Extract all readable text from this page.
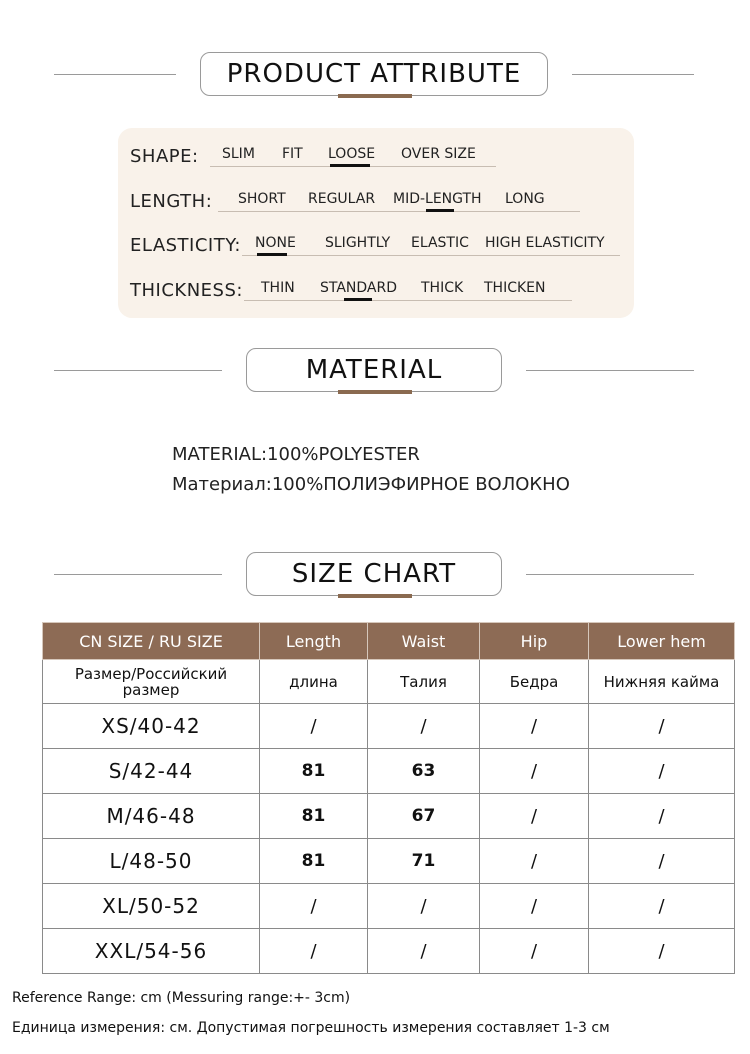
PRODUCT ATTRIBUTE
SHAPE: SLIM FIT LOOSE OVER SIZE
LENGTH: SHORT REGULAR MID-LENGTH LONG
ELASTICITY: NONE SLIGHTLY ELASTIC HIGH ELASTICITY
THICKNESS: THIN STANDARD THICK THICKEN
MATERIAL
MATERIAL:100%POLYESTER
Материал:100%ПОЛИЭФИРНОЕ ВОЛОКНО
SIZE CHART
CN SIZE / RU SIZE	Length	Waist	Hip	Lower hem
Размер/Российский размер	длина	Талия	Бедра	Нижняя кайма
XS/40-42	/	/	/	/
S/42-44	81	63	/	/
M/46-48	81	67	/	/
L/48-50	81	71	/	/
XL/50-52	/	/	/	/
XXL/54-56	/	/	/	/
Reference Range: cm (Messuring range:+- 3cm)
Единица измерения: см. Допустимая погрешность измерения составляет 1-3 см
